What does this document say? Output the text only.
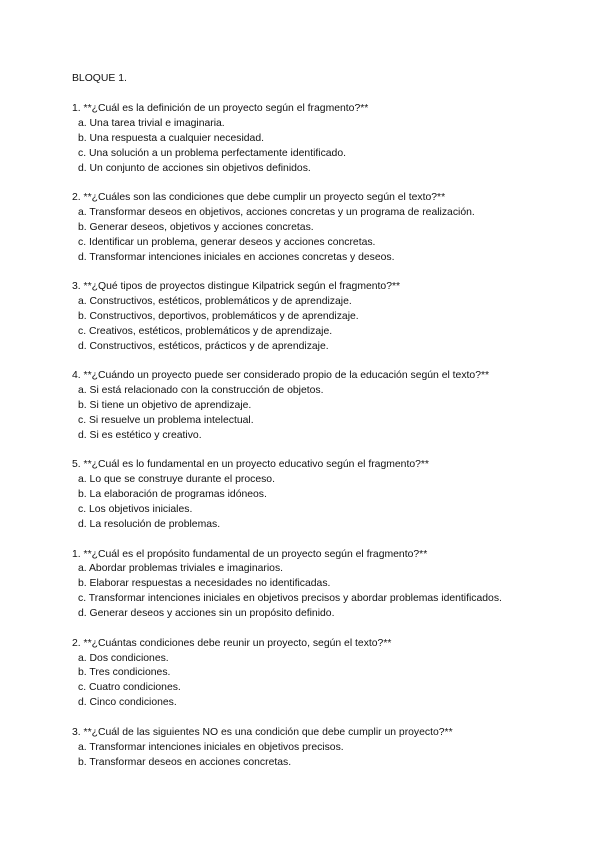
BLOQUE 1.
1. **¿Cuál es la definición de un proyecto según el fragmento?**
a. Una tarea trivial e imaginaria.
b. Una respuesta a cualquier necesidad.
c. Una solución a un problema perfectamente identificado.
d. Un conjunto de acciones sin objetivos definidos.
2. **¿Cuáles son las condiciones que debe cumplir un proyecto según el texto?**
a. Transformar deseos en objetivos, acciones concretas y un programa de realización.
b. Generar deseos, objetivos y acciones concretas.
c. Identificar un problema, generar deseos y acciones concretas.
d. Transformar intenciones iniciales en acciones concretas y deseos.
3. **¿Qué tipos de proyectos distingue Kilpatrick según el fragmento?**
a. Constructivos, estéticos, problemáticos y de aprendizaje.
b. Constructivos, deportivos, problemáticos y de aprendizaje.
c. Creativos, estéticos, problemáticos y de aprendizaje.
d. Constructivos, estéticos, prácticos y de aprendizaje.
4. **¿Cuándo un proyecto puede ser considerado propio de la educación según el texto?**
a. Si está relacionado con la construcción de objetos.
b. Si tiene un objetivo de aprendizaje.
c. Si resuelve un problema intelectual.
d. Si es estético y creativo.
5. **¿Cuál es lo fundamental en un proyecto educativo según el fragmento?**
a. Lo que se construye durante el proceso.
b. La elaboración de programas idóneos.
c. Los objetivos iniciales.
d. La resolución de problemas.
1. **¿Cuál es el propósito fundamental de un proyecto según el fragmento?**
a. Abordar problemas triviales e imaginarios.
b. Elaborar respuestas a necesidades no identificadas.
c. Transformar intenciones iniciales en objetivos precisos y abordar problemas identificados.
d. Generar deseos y acciones sin un propósito definido.
2. **¿Cuántas condiciones debe reunir un proyecto, según el texto?**
a. Dos condiciones.
b. Tres condiciones.
c. Cuatro condiciones.
d. Cinco condiciones.
3. **¿Cuál de las siguientes NO es una condición que debe cumplir un proyecto?**
a. Transformar intenciones iniciales en objetivos precisos.
b. Transformar deseos en acciones concretas.
